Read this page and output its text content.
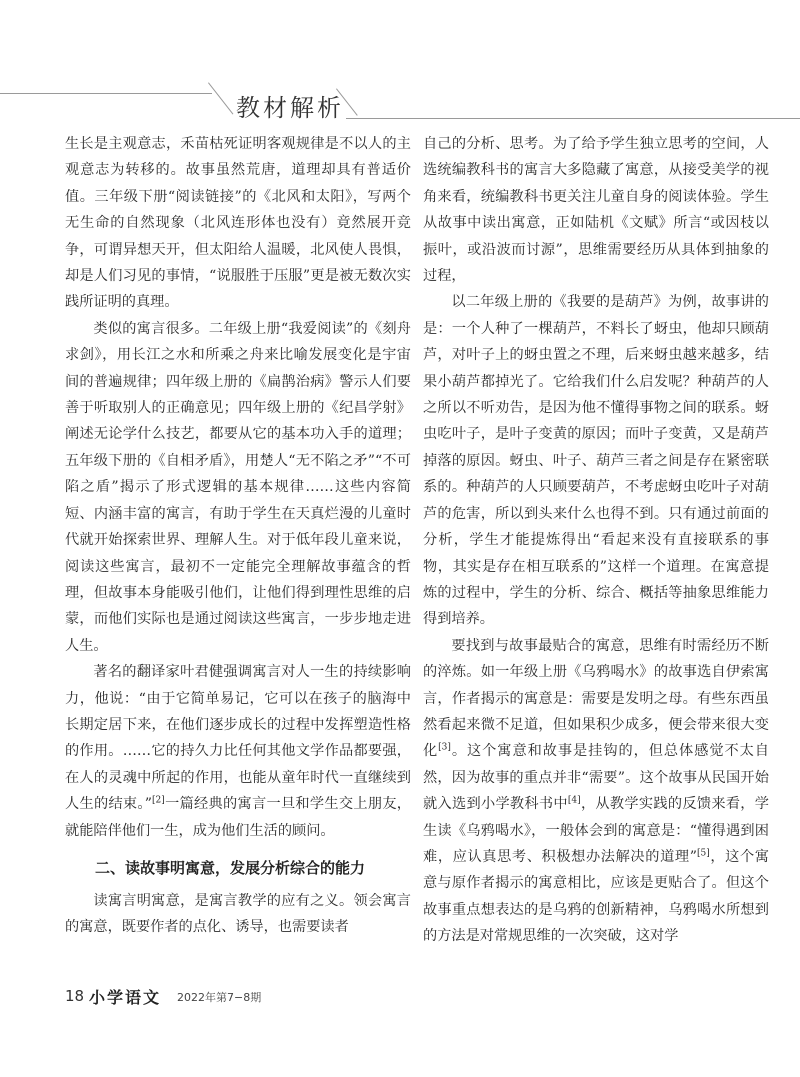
教材解析

生长是主观意志，禾苗枯死证明客观规律是不以人的主观意志为转移的。故事虽然荒唐，道理却具有普适价值。三年级下册“阅读链接”的《北风和太阳》，写两个无生命的自然现象（北风连形体也没有）竟然展开竞争，可谓异想天开，但太阳给人温暖，北风使人畏惧，却是人们习见的事情，“说服胜于压服”更是被无数次实践所证明的真理。

类似的寓言很多。二年级上册“我爱阅读”的《刻舟求剑》，用长江之水和所乘之舟来比喻发展变化是宇宙间的普遍规律；四年级上册的《扁鹊治病》警示人们要善于听取别人的正确意见；四年级上册的《纪昌学射》阐述无论学什么技艺，都要从它的基本功入手的道理；五年级下册的《自相矛盾》，用楚人“无不陷之矛”“不可陷之盾”揭示了形式逻辑的基本规律……这些内容简短、内涵丰富的寓言，有助于学生在天真烂漫的儿童时代就开始探索世界、理解人生。对于低年段儿童来说，阅读这些寓言，最初不一定能完全理解故事蕴含的哲理，但故事本身能吸引他们，让他们得到理性思维的启蒙，而他们实际也是通过阅读这些寓言，一步步地走进人生。

著名的翻译家叶君健强调寓言对人一生的持续影响力，他说：“由于它简单易记，它可以在孩子的脑海中长期定居下来，在他们逐步成长的过程中发挥塑造性格的作用。……它的持久力比任何其他文学作品都要强，在人的灵魂中所起的作用，也能从童年时代一直继续到人生的结束。”[2]一篇经典的寓言一旦和学生交上朋友，就能陪伴他们一生，成为他们生活的顾问。

二、读故事明寓意，发展分析综合的能力

读寓言明寓意，是寓言教学的应有之义。领会寓言的寓意，既要作者的点化、诱导，也需要读者

自己的分析、思考。为了给予学生独立思考的空间，人选统编教科书的寓言大多隐藏了寓意，从接受美学的视角来看，统编教科书更关注儿童自身的阅读体验。学生从故事中读出寓意，正如陆机《文赋》所言“或因枝以振叶，或沿波而讨源”，思维需要经历从具体到抽象的过程，

以二年级上册的《我要的是葫芦》为例，故事讲的是：一个人种了一棵葫芦，不料长了蚜虫，他却只顾葫芦，对叶子上的蚜虫置之不理，后来蚜虫越来越多，结果小葫芦都掉光了。它给我们什么启发呢？种葫芦的人之所以不听劝告，是因为他不懂得事物之间的联系。蚜虫吃叶子，是叶子变黄的原因；而叶子变黄，又是葫芦掉落的原因。蚜虫、叶子、葫芦三者之间是存在紧密联系的。种葫芦的人只顾要葫芦，不考虑蚜虫吃叶子对葫芦的危害，所以到头来什么也得不到。只有通过前面的分析，学生才能提炼得出“看起来没有直接联系的事物，其实是存在相互联系的”这样一个道理。在寓意提炼的过程中，学生的分析、综合、概括等抽象思维能力得到培养。

要找到与故事最贴合的寓意，思维有时需经历不断的淬炼。如一年级上册《乌鸦喝水》的故事选自伊索寓言，作者揭示的寓意是：需要是发明之母。有些东西虽然看起来微不足道，但如果积少成多，便会带来很大变化[3]。这个寓意和故事是挂钩的，但总体感觉不太自然，因为故事的重点并非“需要”。这个故事从民国开始就入选到小学教科书中[4]，从教学实践的反馈来看，学生读《乌鸦喝水》，一般体会到的寓意是：“懂得遇到困难，应认真思考、积极想办法解决的道理”[5]，这个寓意与原作者揭示的寓意相比，应该是更贴合了。但这个故事重点想表达的是乌鸦的创新精神，乌鸦喝水所想到的方法是对常规思维的一次突破，这对学

18 小学语文 2022年第7−8期
